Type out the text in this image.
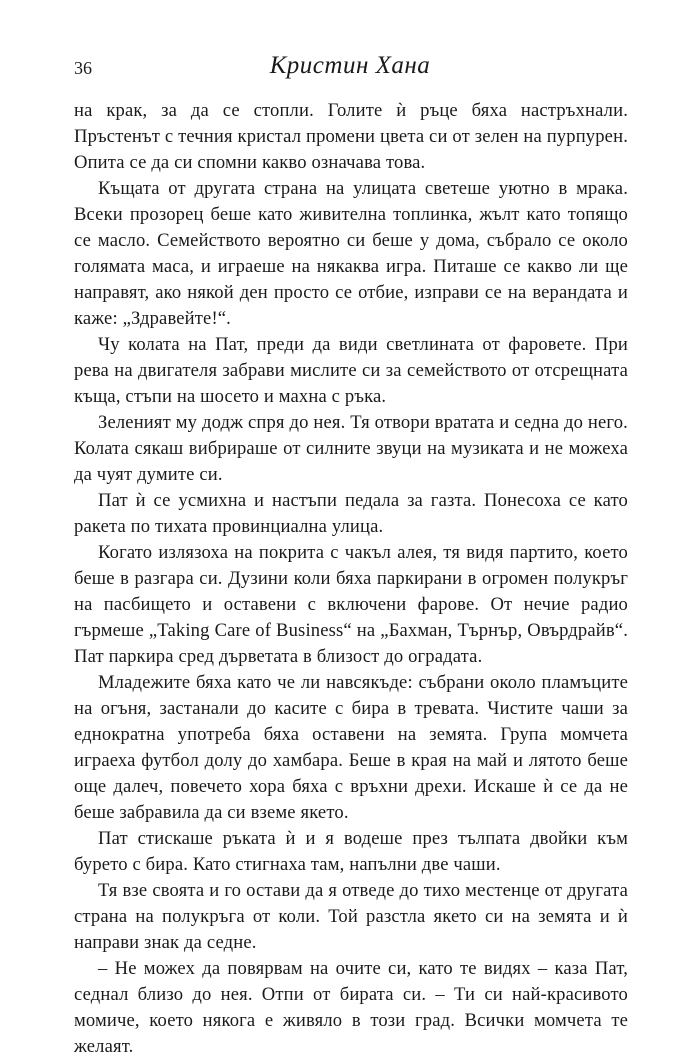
36	Кристин Хана

на крак, за да се стопли. Голите ѝ ръце бяха настръхнали. Пръстенът с течния кристал промени цвета си от зелен на пурпурен. Опита се да си спомни какво означава това.

Къщата от другата страна на улицата светеше уютно в мрака. Всеки прозорец беше като живителна топлинка, жълт като топящо се масло. Семейството вероятно си беше у дома, събрало се около голямата маса, и играеше на някаква игра. Питаше се какво ли ще направят, ако някой ден просто се отбие, изправи се на верандата и каже: „Здравейте!“.

Чу колата на Пат, преди да види светлината от фаровете. При рева на двигателя забрави мислите си за семейството от отсрещната къща, стъпи на шосето и махна с ръка.

Зеленият му додж спря до нея. Тя отвори вратата и седна до него. Колата сякаш вибрираше от силните звуци на музиката и не можеха да чуят думите си.

Пат ѝ се усмихна и настъпи педала за газта. Понесоха се като ракета по тихата провинциална улица.

Когато излязоха на покрита с чакъл алея, тя видя партито, което беше в разгара си. Дузини коли бяха паркирани в огромен полукръг на пасбището и оставени с включени фарове. От нечие радио гърмеше „Taking Care of Business“ на „Бахман, Търнър, Овърдрайв“. Пат паркира сред дърветата в близост до оградата.

Младежите бяха като че ли навсякъде: събрани около пламъците на огъня, застанали до касите с бира в тревата. Чистите чаши за еднократна употреба бяха оставени на земята. Група момчета играеха футбол долу до хамбара. Беше в края на май и лятото беше още далеч, повечето хора бяха с връхни дрехи. Искаше ѝ се да не беше забравила да си вземе якето.

Пат стискаше ръката ѝ и я водеше през тълпата двойки към бурето с бира. Като стигнаха там, напълни две чаши.

Тя взе своята и го остави да я отведе до тихо местенце от другата страна на полукръга от коли. Той разстла якето си на земята и ѝ направи знак да седне.

– Не можех да повярвам на очите си, като те видях – каза Пат, седнал близо до нея. Отпи от бирата си. – Ти си най-красивото момиче, което някога е живяло в този град. Всички момчета те желаят.
